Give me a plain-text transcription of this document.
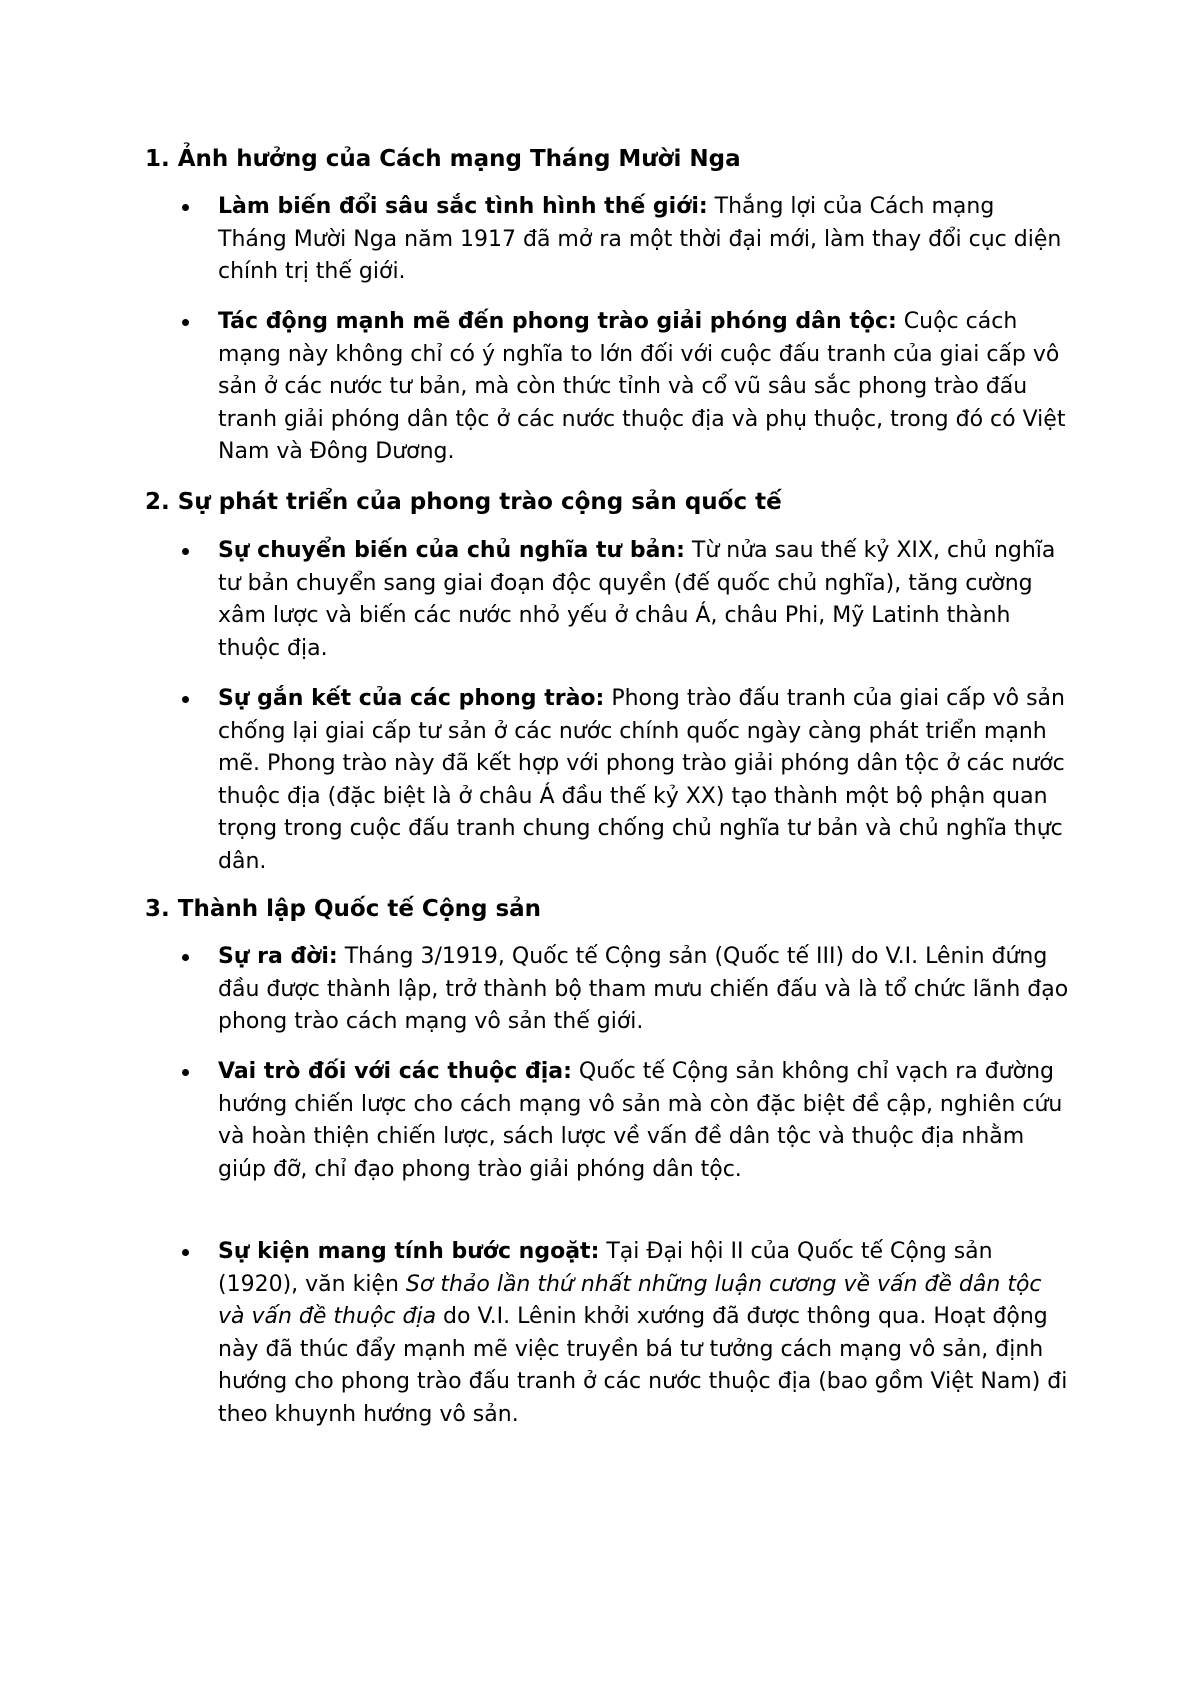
1. Ảnh hưởng của Cách mạng Tháng Mười Nga

Làm biến đổi sâu sắc tình hình thế giới: Thắng lợi của Cách mạng Tháng Mười Nga năm 1917 đã mở ra một thời đại mới, làm thay đổi cục diện chính trị thế giới.

Tác động mạnh mẽ đến phong trào giải phóng dân tộc: Cuộc cách mạng này không chỉ có ý nghĩa to lớn đối với cuộc đấu tranh của giai cấp vô sản ở các nước tư bản, mà còn thức tỉnh và cổ vũ sâu sắc phong trào đấu tranh giải phóng dân tộc ở các nước thuộc địa và phụ thuộc, trong đó có Việt Nam và Đông Dương.

2. Sự phát triển của phong trào cộng sản quốc tế

Sự chuyển biến của chủ nghĩa tư bản: Từ nửa sau thế kỷ XIX, chủ nghĩa tư bản chuyển sang giai đoạn độc quyền (đế quốc chủ nghĩa), tăng cường xâm lược và biến các nước nhỏ yếu ở châu Á, châu Phi, Mỹ Latinh thành thuộc địa.

Sự gắn kết của các phong trào: Phong trào đấu tranh của giai cấp vô sản chống lại giai cấp tư sản ở các nước chính quốc ngày càng phát triển mạnh mẽ. Phong trào này đã kết hợp với phong trào giải phóng dân tộc ở các nước thuộc địa (đặc biệt là ở châu Á đầu thế kỷ XX) tạo thành một bộ phận quan trọng trong cuộc đấu tranh chung chống chủ nghĩa tư bản và chủ nghĩa thực dân.

3. Thành lập Quốc tế Cộng sản

Sự ra đời: Tháng 3/1919, Quốc tế Cộng sản (Quốc tế III) do V.I. Lênin đứng đầu được thành lập, trở thành bộ tham mưu chiến đấu và là tổ chức lãnh đạo phong trào cách mạng vô sản thế giới.

Vai trò đối với các thuộc địa: Quốc tế Cộng sản không chỉ vạch ra đường hướng chiến lược cho cách mạng vô sản mà còn đặc biệt đề cập, nghiên cứu và hoàn thiện chiến lược, sách lược về vấn đề dân tộc và thuộc địa nhằm giúp đỡ, chỉ đạo phong trào giải phóng dân tộc.

Sự kiện mang tính bước ngoặt: Tại Đại hội II của Quốc tế Cộng sản (1920), văn kiện Sơ thảo lần thứ nhất những luận cương về vấn đề dân tộc và vấn đề thuộc địa do V.I. Lênin khởi xướng đã được thông qua. Hoạt động này đã thúc đẩy mạnh mẽ việc truyền bá tư tưởng cách mạng vô sản, định hướng cho phong trào đấu tranh ở các nước thuộc địa (bao gồm Việt Nam) đi theo khuynh hướng vô sản.
